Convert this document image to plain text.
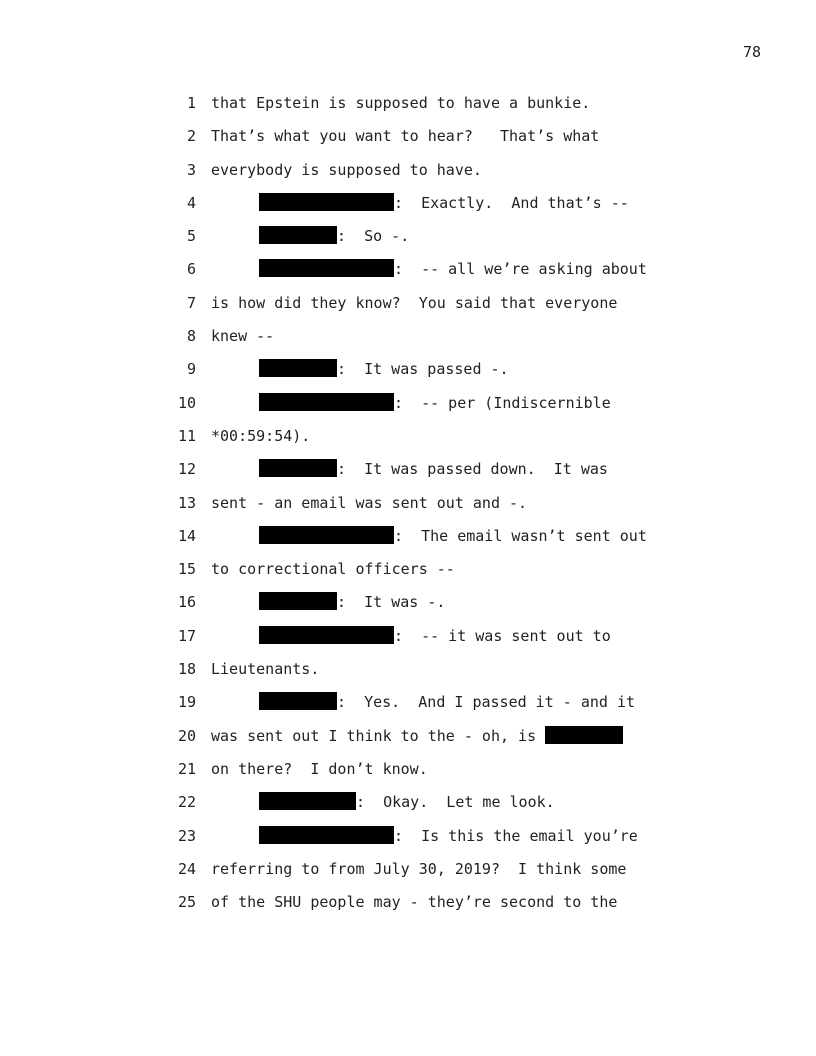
78
1 that Epstein is supposed to have a bunkie.
2 That’s what you want to hear?   That’s what
3 everybody is supposed to have.
4	:  Exactly.  And that’s --
5	:  So -.
6	:  -- all we’re asking about
7 is how did they know?  You said that everyone
8 knew --
9	:  It was passed -.
10	:  -- per (Indiscernible
11 *00:59:54).
12	:  It was passed down.  It was
13 sent - an email was sent out and -.
14	:  The email wasn’t sent out
15 to correctional officers --
16	:  It was -.
17	:  -- it was sent out to
18 Lieutenants.
19	:  Yes.  And I passed it - and it
20 was sent out I think to the - oh, is
21 on there?  I don’t know.
22	:  Okay.  Let me look.
23	:  Is this the email you’re
24 referring to from July 30, 2019?  I think some
25 of the SHU people may - they’re second to the
